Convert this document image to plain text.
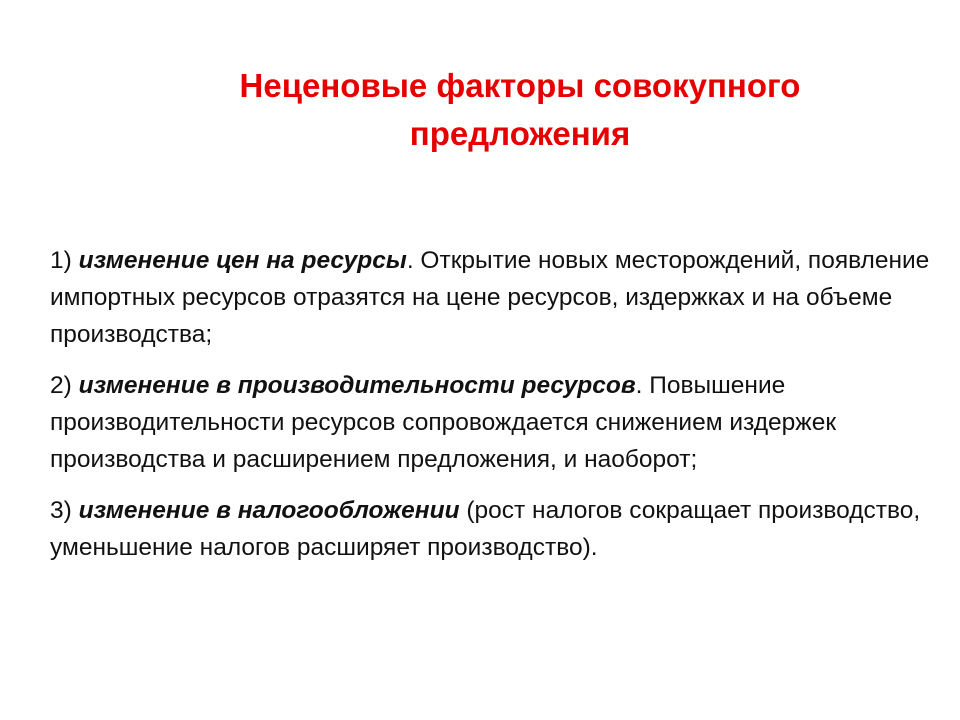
Неценовые факторы совокупного
предложения

1) изменение цен на ресурсы. Открытие новых месторождений, появление импортных ресурсов отразятся на цене ресурсов, издержках и на объеме производства;

2) изменение в производительности ресурсов. Повышение производительности ресурсов сопровождается снижением издержек производства и расширением предложения, и наоборот;

3) изменение в налогообложении (рост налогов сокращает производство, уменьшение налогов расширяет производство).
